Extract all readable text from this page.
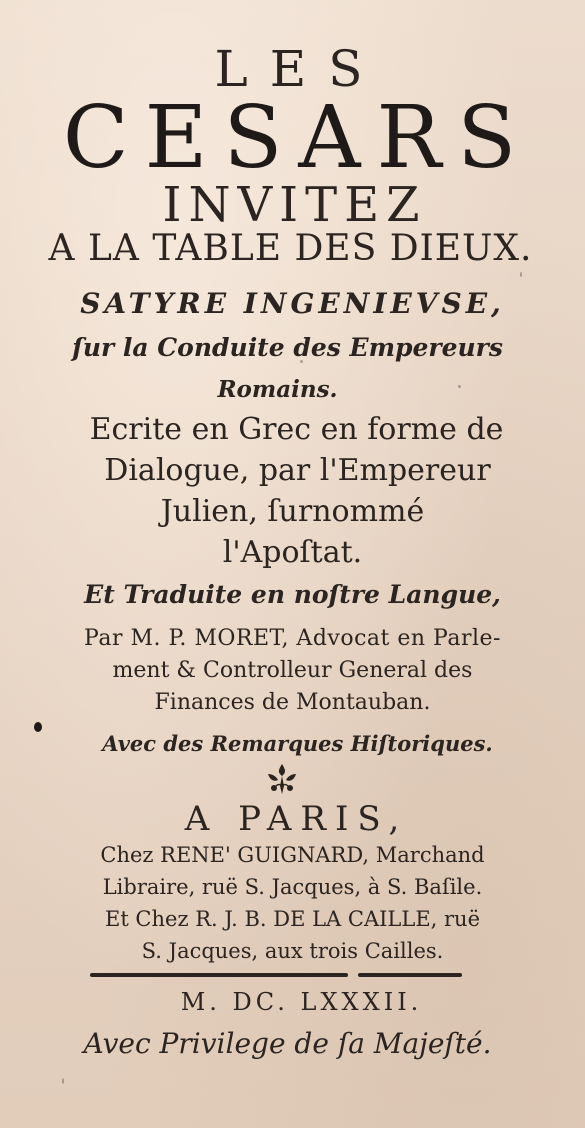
LES
CESARS
INVITEZ
A LA TABLE DES DIEUX.
SATYRE INGENIEVSE,
ſur la Conduite des Empereurs
Romains.
Ecrite en Grec en forme de
Dialogue, par l'Empereur
Julien, ſurnommé
l'Apoſtat.
Et Traduite en noſtre Langue,
Par M. P. MORET, Advocat en Parle-
ment & Controlleur General des
Finances de Montauban.
Avec des Remarques Hiſtoriques.
A PARIS,
Chez RENE' GUIGNARD, Marchand
Libraire, ruë S. Jacques, à S. Baſile.
Et Chez R. J. B. DE LA CAILLE, ruë
S. Jacques, aux trois Cailles.
M. DC. LXXXII.
Avec Privilege de ſa Majeſté.
